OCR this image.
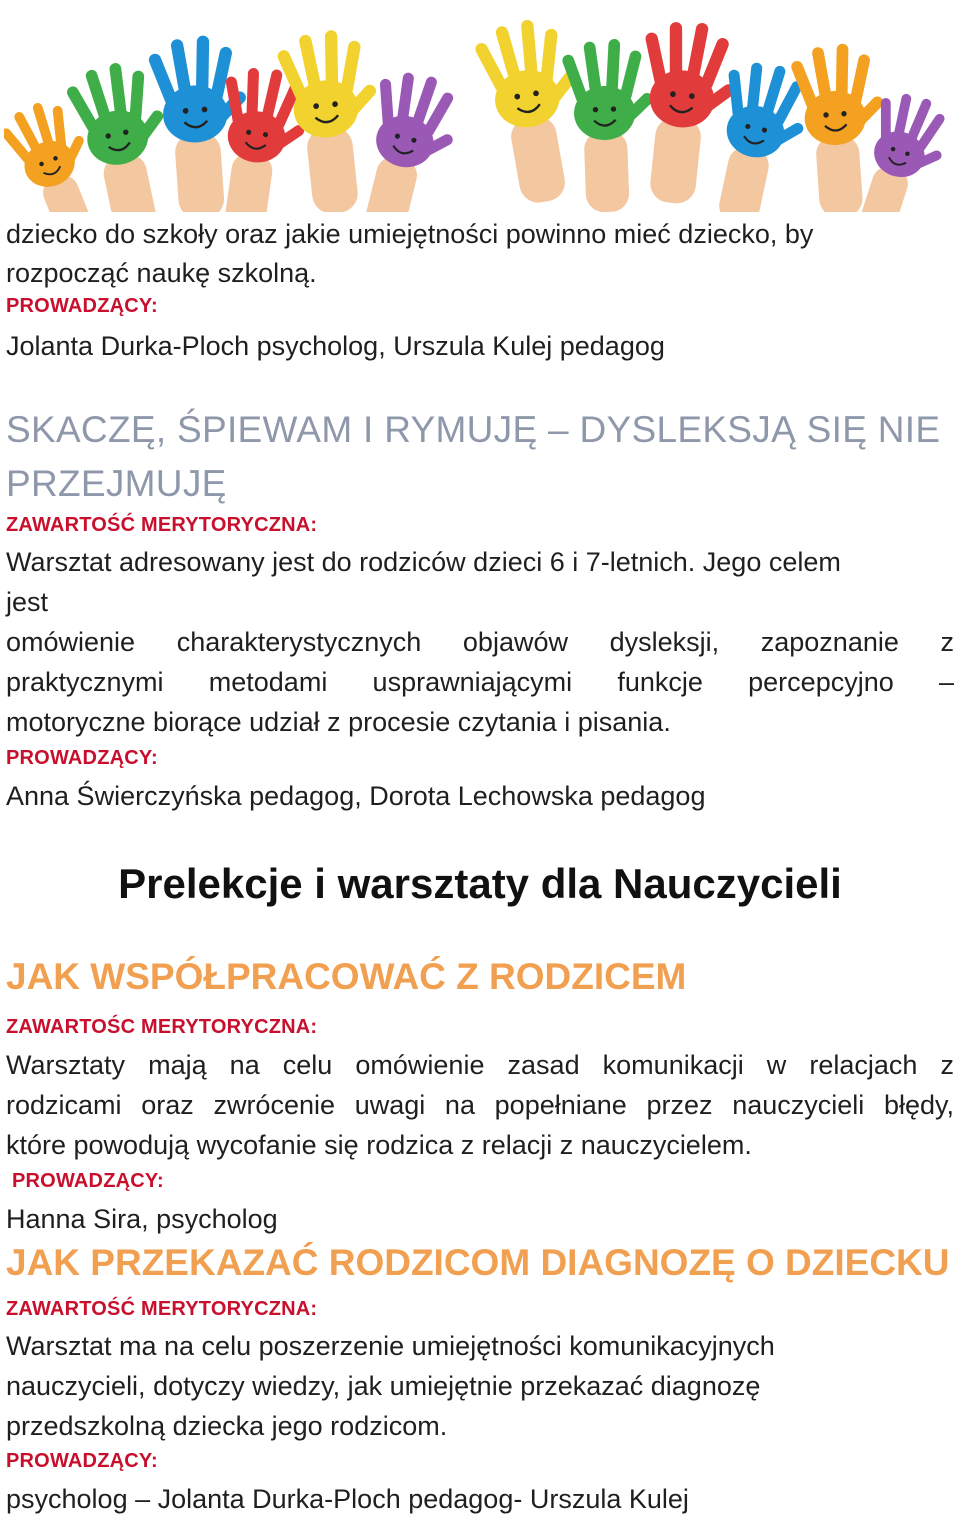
dziecko do szkoły oraz jakie umiejętności powinno mieć dziecko, by
rozpocząć naukę szkolną.
PROWADZĄCY:
Jolanta Durka-Ploch psycholog, Urszula Kulej pedagog
SKACZĘ, ŚPIEWAM I RYMUJĘ – DYSLEKSJĄ SIĘ NIE
PRZEJMUJĘ
ZAWARTOŚĆ MERYTORYCZNA:
Warsztat adresowany jest do rodziców dzieci 6 i 7-letnich. Jego celem
jest
omówienie charakterystycznych objawów dysleksji, zapoznanie z
praktycznymi metodami usprawniającymi funkcje percepcyjno –
motoryczne biorące udział z procesie czytania i pisania.
PROWADZĄCY:
Anna Świerczyńska pedagog, Dorota Lechowska pedagog
Prelekcje i warsztaty dla Nauczycieli
JAK WSPÓŁPRACOWAĆ Z RODZICEM
ZAWARTOŚC MERYTORYCZNA:
Warsztaty mają na celu omówienie zasad komunikacji w relacjach z
rodzicami oraz zwrócenie uwagi na popełniane przez nauczycieli błędy,
które powodują wycofanie się rodzica z relacji z nauczycielem.
PROWADZĄCY:
Hanna Sira, psycholog
JAK PRZEKAZAĆ RODZICOM DIAGNOZĘ O DZIECKU
ZAWARTOŚĆ MERYTORYCZNA:
Warsztat ma na celu poszerzenie umiejętności komunikacyjnych
nauczycieli, dotyczy wiedzy, jak umiejętnie przekazać diagnozę
przedszkolną dziecka jego rodzicom.
PROWADZĄCY:
psycholog – Jolanta Durka-Ploch pedagog- Urszula Kulej
